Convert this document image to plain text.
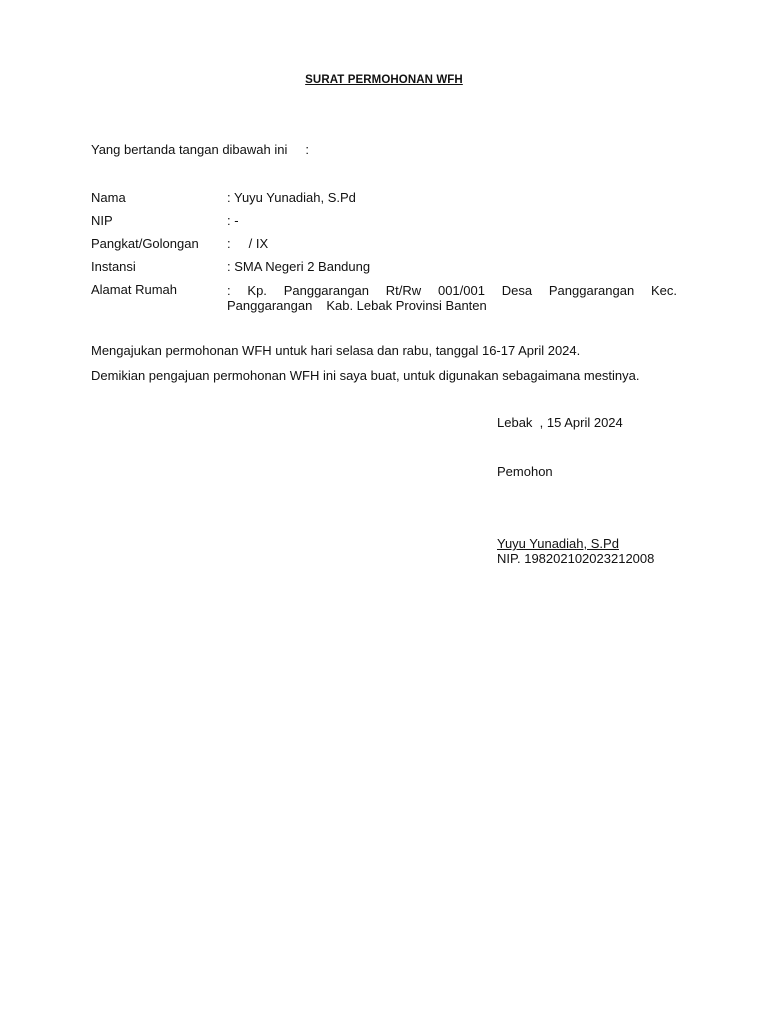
SURAT PERMOHONAN WFH
Yang bertanda tangan dibawah ini :
Nama	: Yuyu Yunadiah, S.Pd
NIP	: -
Pangkat/Golongan :     / IX
Instansi	: SMA Negeri 2 Bandung
Alamat Rumah	: Kp. Panggarangan Rt/Rw 001/001 Desa Panggarangan Kec.
Panggarangan Kab. Lebak Provinsi Banten
Mengajukan permohonan WFH untuk hari selasa dan rabu, tanggal 16-17 April 2024.
Demikian pengajuan permohonan WFH ini saya buat, untuk digunakan sebagaimana mestinya.
Lebak  , 15 April 2024
Pemohon
Yuyu Yunadiah, S.Pd
NIP. 198202102023212008
